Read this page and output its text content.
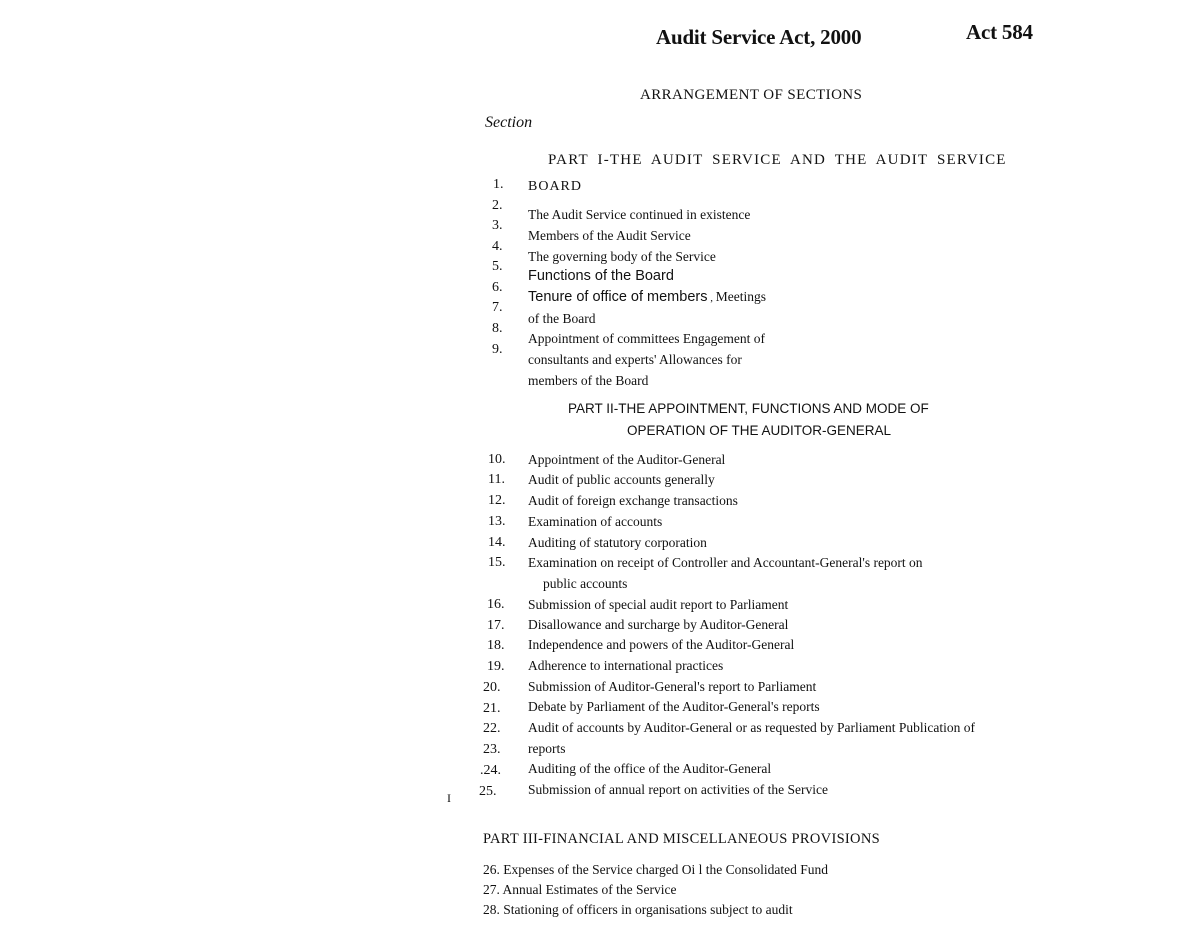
Audit Service Act, 2000	Act 584
ARRANGEMENT OF SECTIONS
Section
PART I-THE AUDIT SERVICE AND THE AUDIT SERVICE
1.
2.
3.
4.
5.
6.
7.
8.
9.
BOARD
The Audit Service continued in existence
Members of the Audit Service
The governing body of the Service
Functions of the Board
Tenure of office of members , Meetings
of the Board
Appointment of committees Engagement of
consultants and experts' Allowances for
members of the Board
PART II-THE APPOINTMENT, FUNCTIONS AND MODE OF
OPERATION OF THE AUDITOR-GENERAL
10. Appointment of the Auditor-General
11. Audit of public accounts generally
12. Audit of foreign exchange transactions
13. Examination of accounts
14. Auditing of statutory corporation
15. Examination on receipt of Controller and Accountant-General's report on
public accounts
16. Submission of special audit report to Parliament
17. Disallowance and surcharge by Auditor-General
18. Independence and powers of the Auditor-General
19. Adherence to international practices
20. Submission of Auditor-General's report to Parliament
21. Debate by Parliament of the Auditor-General's reports
22. Audit of accounts by Auditor-General or as requested by Parliament Publication of
23. reports
.24. Auditing of the office of the Auditor-General
I 25. Submission of annual report on activities of the Service
PART III-FINANCIAL AND MISCELLANEOUS PROVISIONS
26. Expenses of the Service charged Oi l the Consolidated Fund
27. Annual Estimates of the Service
28. Stationing of officers in organisations subject to audit
